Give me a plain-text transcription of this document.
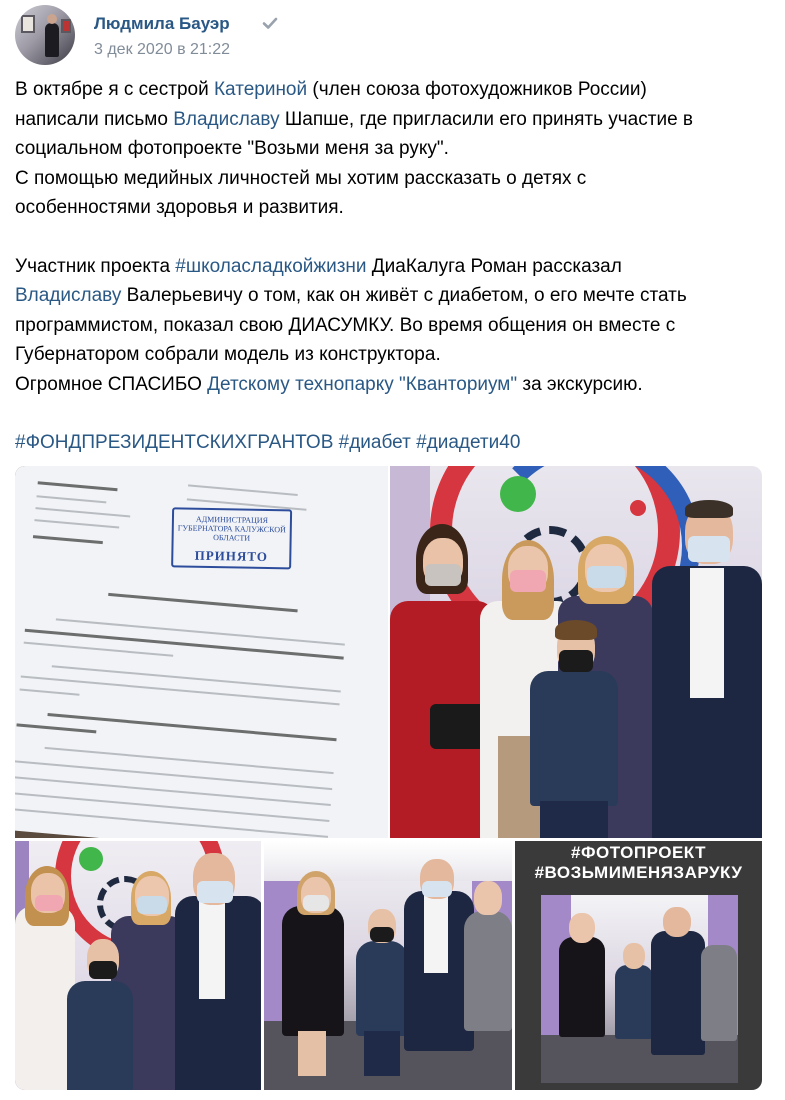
Людмила Бауэр
3 дек 2020 в 21:22
В октябре я с сестрой Катериной (член союза фотохудожников России)
написали письмо Владиславу Шапше, где пригласили его принять участие в
социальном фотопроекте "Возьми меня за руку".
С помощью медийных личностей мы хотим рассказать о детях с
особенностями здоровья и развития.
Участник проекта #школасладкойжизни ДиаКалуга Роман рассказал
Владиславу Валерьевичу о том, как он живёт с диабетом, о его мечте стать
программистом, показал свою ДИАСУМКУ. Во время общения он вместе с
Губернатором собрали модель из конструктора.
Огромное СПАСИБО Детскому технопарку "Кванториум" за экскурсию.
#ФОНДПРЕЗИДЕНТСКИХГРАНТОВ #диабет #диадети40
АДМИНИСТРАЦИЯ ГУБЕРНАТОРА КАЛУЖСКОЙ ОБЛАСТИ
ПРИНЯТО
#ФОТОПРОЕКТ
#ВОЗЬМИМЕНЯЗАРУКУ
